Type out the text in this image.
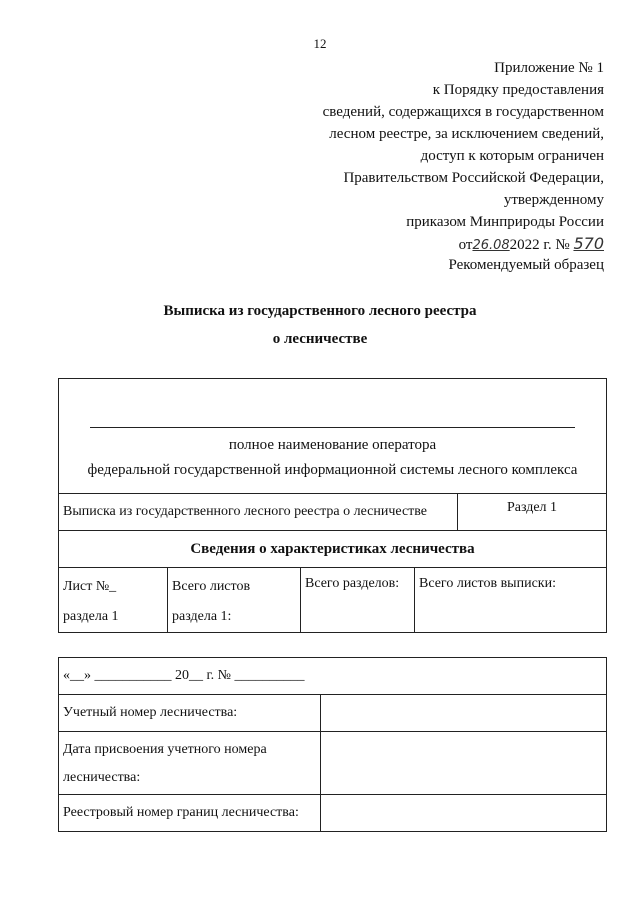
12
Приложение № 1
к Порядку предоставления
сведений, содержащихся в государственном
лесном реестре, за исключением сведений,
доступ к которым ограничен
Правительством Российской Федерации,
утвержденному
приказом Минприроды России
от26.082022 г. № 570
Рекомендуемый образец
Выписка из государственного лесного реестра
о лесничестве
полное наименование оператора
федеральной государственной информационной системы лесного комплекса
Выписка из государственного лесного реестра о лесничестве	Раздел 1
Сведения о характеристиках лесничества
Лист №_
раздела 1
Всего листов
раздела 1:
Всего разделов:	Всего листов выписки:
«__» ___________ 20__ г. № __________
Учетный номер лесничества:
Дата присвоения учетного номера
лесничества:
Реестровый номер границ лесничества:
